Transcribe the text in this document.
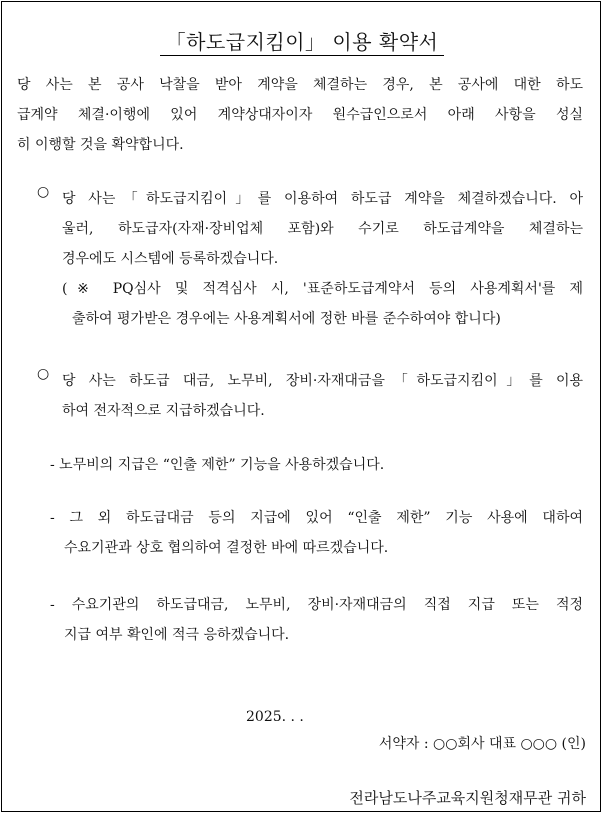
「하도급지킴이」 이용 확약서
당 사는 본 공사 낙찰을 받아 계약을 체결하는 경우, 본 공사에 대한 하도
급계약 체결·이행에 있어 계약상대자이자 원수급인으로서 아래 사항을 성실
히 이행할 것을 확약합니다.
○ 당 사는「하도급지킴이」를 이용하여 하도급 계약을 체결하겠습니다. 아
울러, 하도급자(자재·장비업체 포함)와 수기로 하도급계약을 체결하는
경우에도 시스템에 등록하겠습니다.
(※ PQ심사 및 적격심사 시, '표준하도급계약서 등의 사용계획서'를 제
출하여 평가받은 경우에는 사용계획서에 정한 바를 준수하여야 합니다)
○ 당 사는 하도급 대금, 노무비, 장비·자재대금을「하도급지킴이」를 이용
하여 전자적으로 지급하겠습니다.
- 노무비의 지급은 “인출 제한” 기능을 사용하겠습니다.
- 그 외 하도급대금 등의 지급에 있어 “인출 제한” 기능 사용에 대하여
수요기관과 상호 협의하여 결정한 바에 따르겠습니다.
- 수요기관의 하도급대금, 노무비, 장비·자재대금의 직접 지급 또는 적정
지급 여부 확인에 적극 응하겠습니다.
2025. . .
서약자 : ○○회사 대표 ○○○ (인)
전라남도나주교육지원청재무관 귀하
